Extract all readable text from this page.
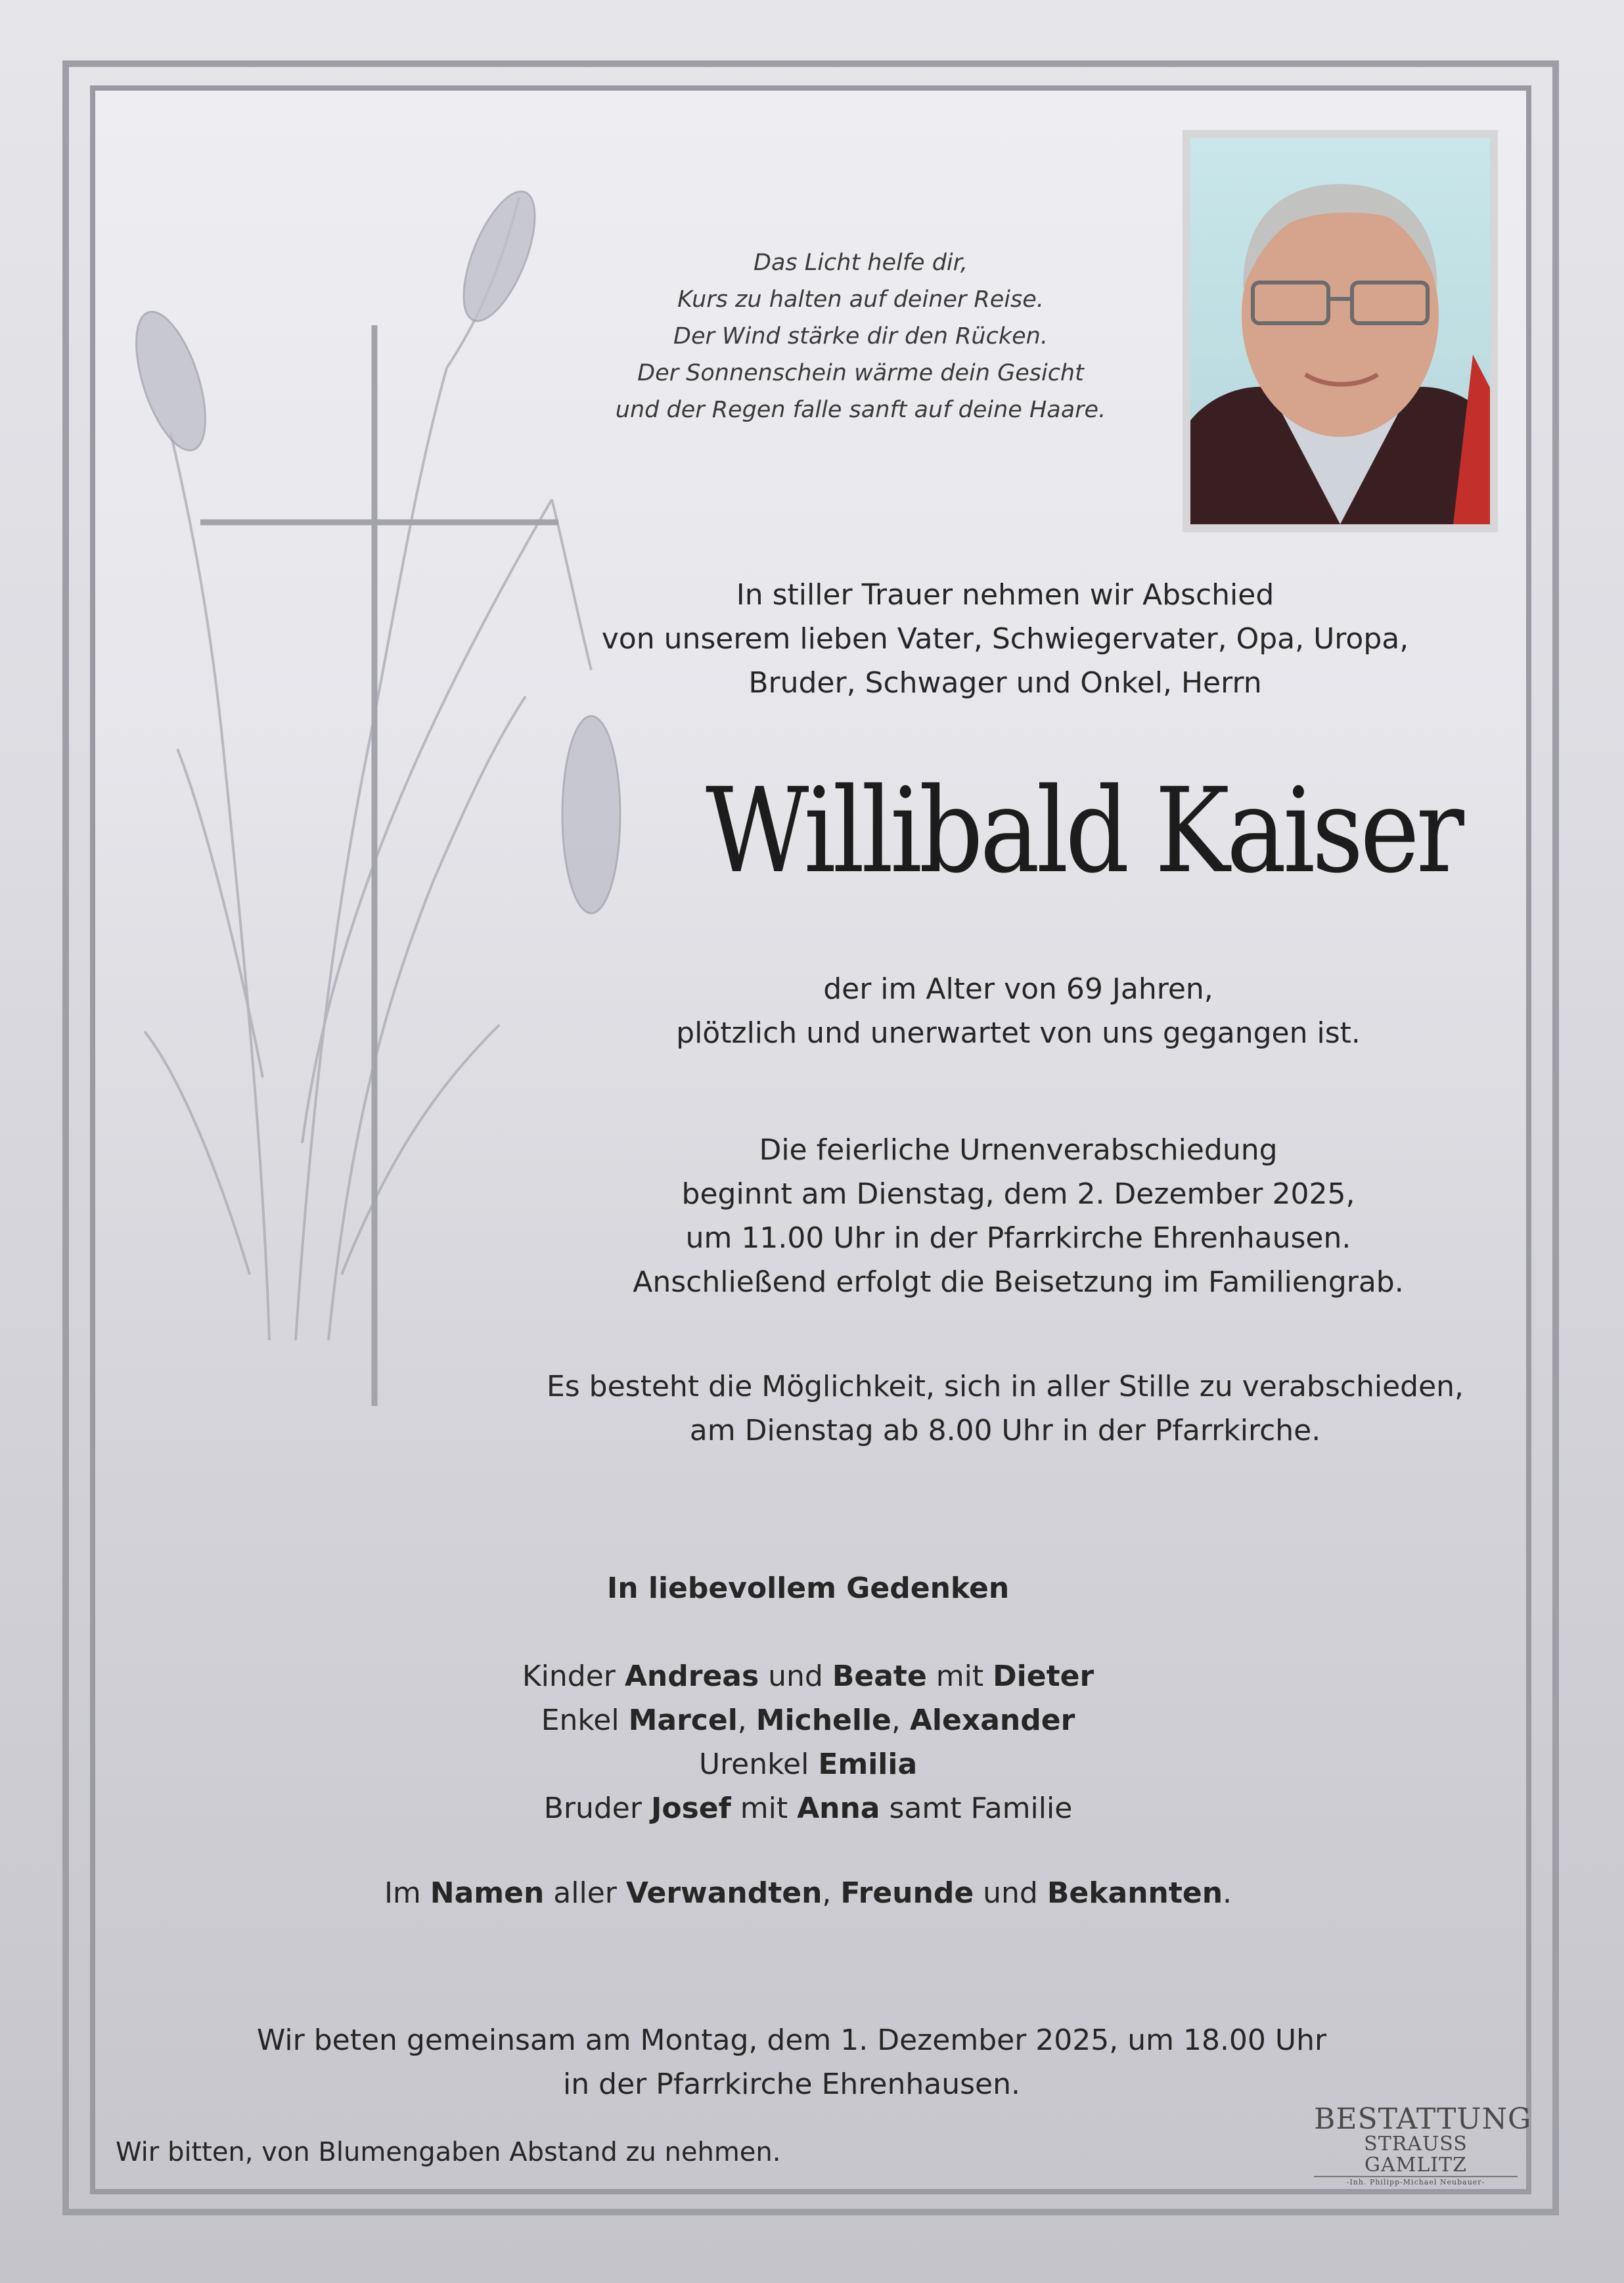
Das Licht helfe dir,
Kurs zu halten auf deiner Reise.
Der Wind stärke dir den Rücken.
Der Sonnenschein wärme dein Gesicht
und der Regen falle sanft auf deine Haare.
In stiller Trauer nehmen wir Abschied
von unserem lieben Vater, Schwiegervater, Opa, Uropa,
Bruder, Schwager und Onkel, Herrn
Willibald Kaiser
der im Alter von 69 Jahren,
plötzlich und unerwartet von uns gegangen ist.
Die feierliche Urnenverabschiedung
beginnt am Dienstag, dem 2. Dezember 2025,
um 11.00 Uhr in der Pfarrkirche Ehrenhausen.
Anschließend erfolgt die Beisetzung im Familiengrab.
Es besteht die Möglichkeit, sich in aller Stille zu verabschieden,
am Dienstag ab 8.00 Uhr in der Pfarrkirche.
In liebevollem Gedenken
Kinder Andreas und Beate mit Dieter
Enkel Marcel, Michelle, Alexander
Urenkel Emilia
Bruder Josef mit Anna samt Familie
Im Namen aller Verwandten, Freunde und Bekannten.
Wir beten gemeinsam am Montag, dem 1. Dezember 2025, um 18.00 Uhr
in der Pfarrkirche Ehrenhausen.
Wir bitten, von Blumengaben Abstand zu nehmen.
BESTATTUNG
STRAUSS GAMLITZ
-Inh. Philipp-Michael Neubauer-
